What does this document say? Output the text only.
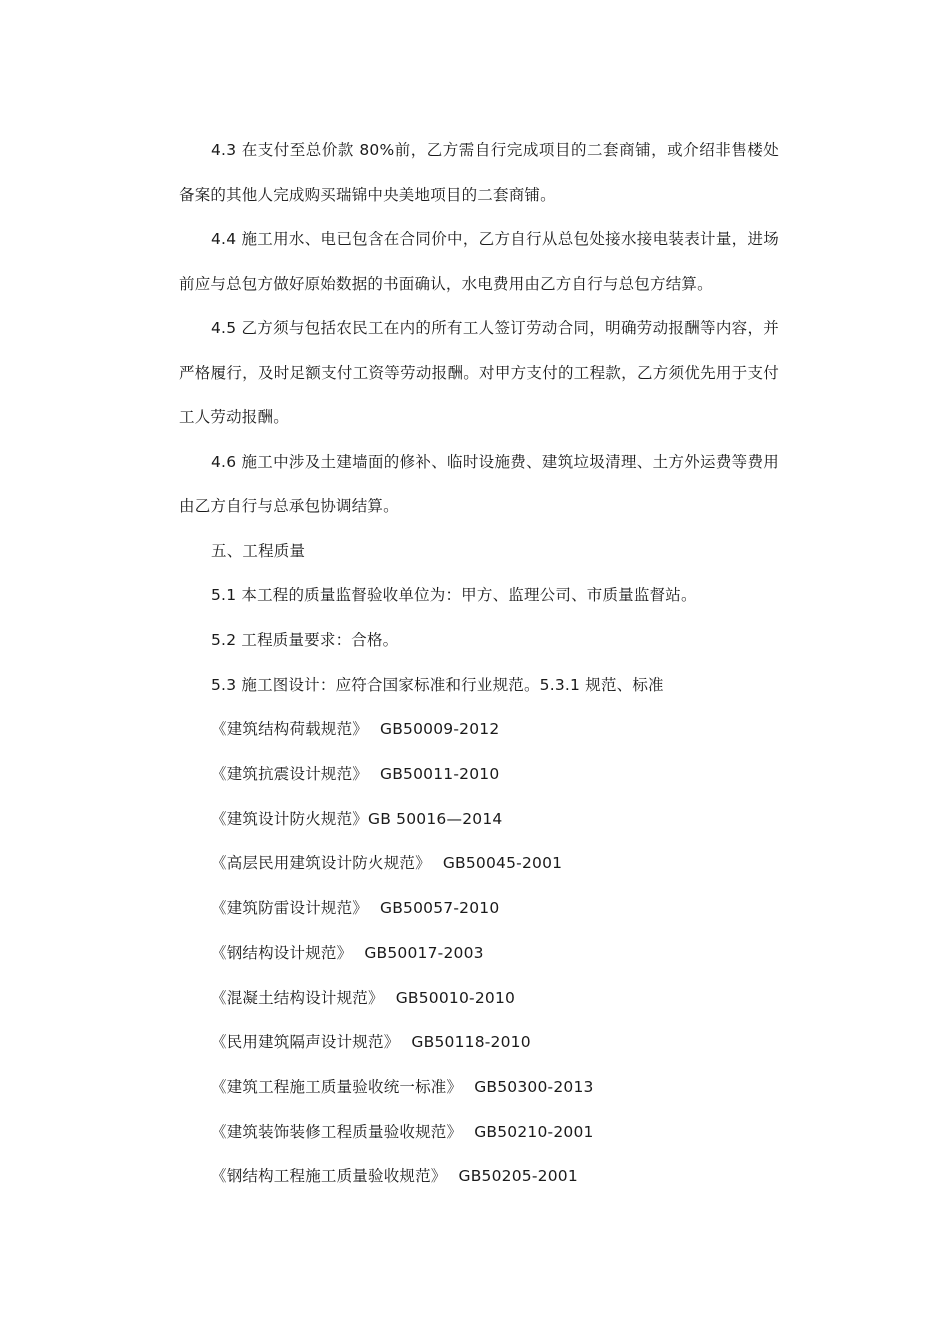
4.3 在支付至总价款 80%前，乙方需自行完成项目的二套商铺，或介绍非售楼处备案的其他人完成购买瑞锦中央美地项目的二套商铺。

4.4 施工用水、电已包含在合同价中，乙方自行从总包处接水接电装表计量，进场前应与总包方做好原始数据的书面确认，水电费用由乙方自行与总包方结算。

4.5 乙方须与包括农民工在内的所有工人签订劳动合同，明确劳动报酬等内容，并严格履行，及时足额支付工资等劳动报酬。对甲方支付的工程款，乙方须优先用于支付工人劳动报酬。

4.6 施工中涉及土建墙面的修补、临时设施费、建筑垃圾清理、土方外运费等费用由乙方自行与总承包协调结算。

五、工程质量

5.1 本工程的质量监督验收单位为：甲方、监理公司、市质量监督站。

5.2 工程质量要求：合格。

5.3 施工图设计：应符合国家标准和行业规范。5.3.1 规范、标准

《建筑结构荷载规范》 GB50009-2012

《建筑抗震设计规范》 GB50011-2010

《建筑设计防火规范》GB 50016—2014

《高层民用建筑设计防火规范》 GB50045-2001

《建筑防雷设计规范》 GB50057-2010

《钢结构设计规范》 GB50017-2003

《混凝土结构设计规范》 GB50010-2010

《民用建筑隔声设计规范》 GB50118-2010

《建筑工程施工质量验收统一标准》 GB50300-2013

《建筑装饰装修工程质量验收规范》 GB50210-2001

《钢结构工程施工质量验收规范》 GB50205-2001
